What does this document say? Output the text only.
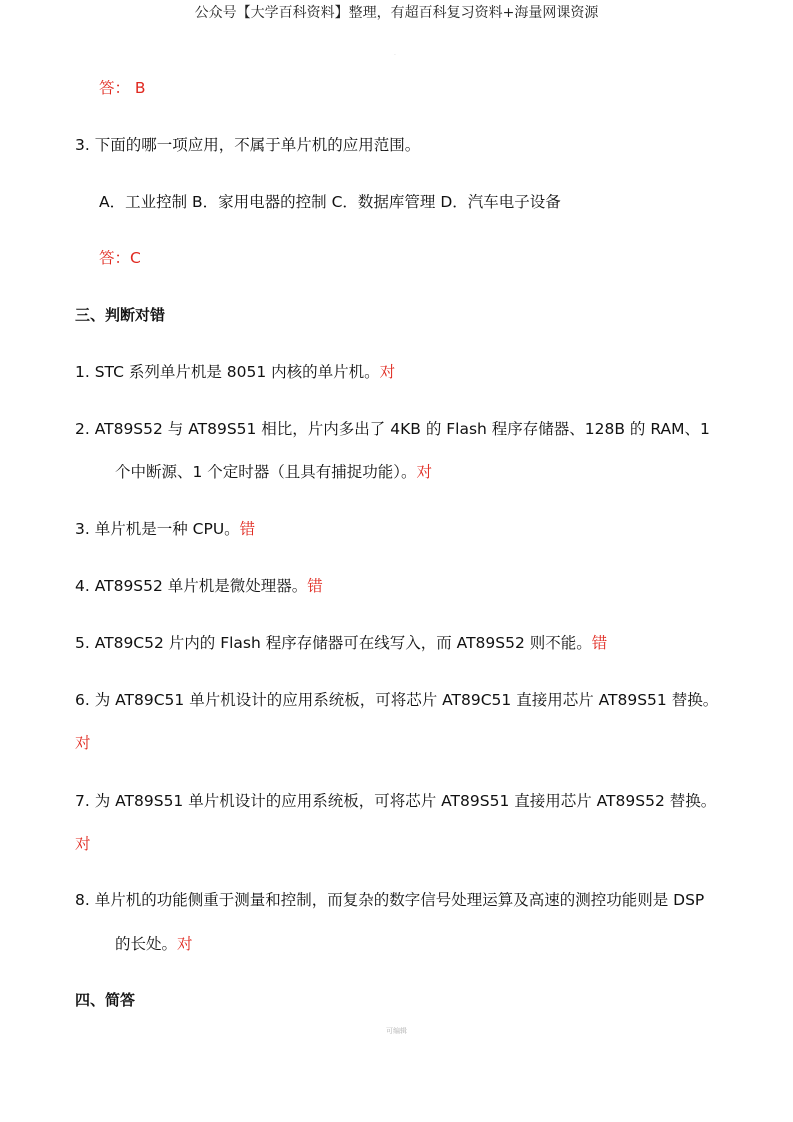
公众号【大学百科资料】整理，有超百科复习资料+海量网课资源
·
答： B
3. 下面的哪一项应用，不属于单片机的应用范围。
A．工业控制 B．家用电器的控制 C．数据库管理 D．汽车电子设备
答：C
三、判断对错
1. STC 系列单片机是 8051 内核的单片机。对
2. AT89S52 与 AT89S51 相比，片内多出了 4KB 的 Flash 程序存储器、128B 的 RAM、1
个中断源、1 个定时器（且具有捕捉功能）。对
3. 单片机是一种 CPU。错
4. AT89S52 单片机是微处理器。错
5. AT89C52 片内的 Flash 程序存储器可在线写入，而 AT89S52 则不能。错
6. 为 AT89C51 单片机设计的应用系统板，可将芯片 AT89C51 直接用芯片 AT89S51 替换。
对
7. 为 AT89S51 单片机设计的应用系统板，可将芯片 AT89S51 直接用芯片 AT89S52 替换。
对
8. 单片机的功能侧重于测量和控制，而复杂的数字信号处理运算及高速的测控功能则是 DSP
的长处。对
四、简答
可编辑
